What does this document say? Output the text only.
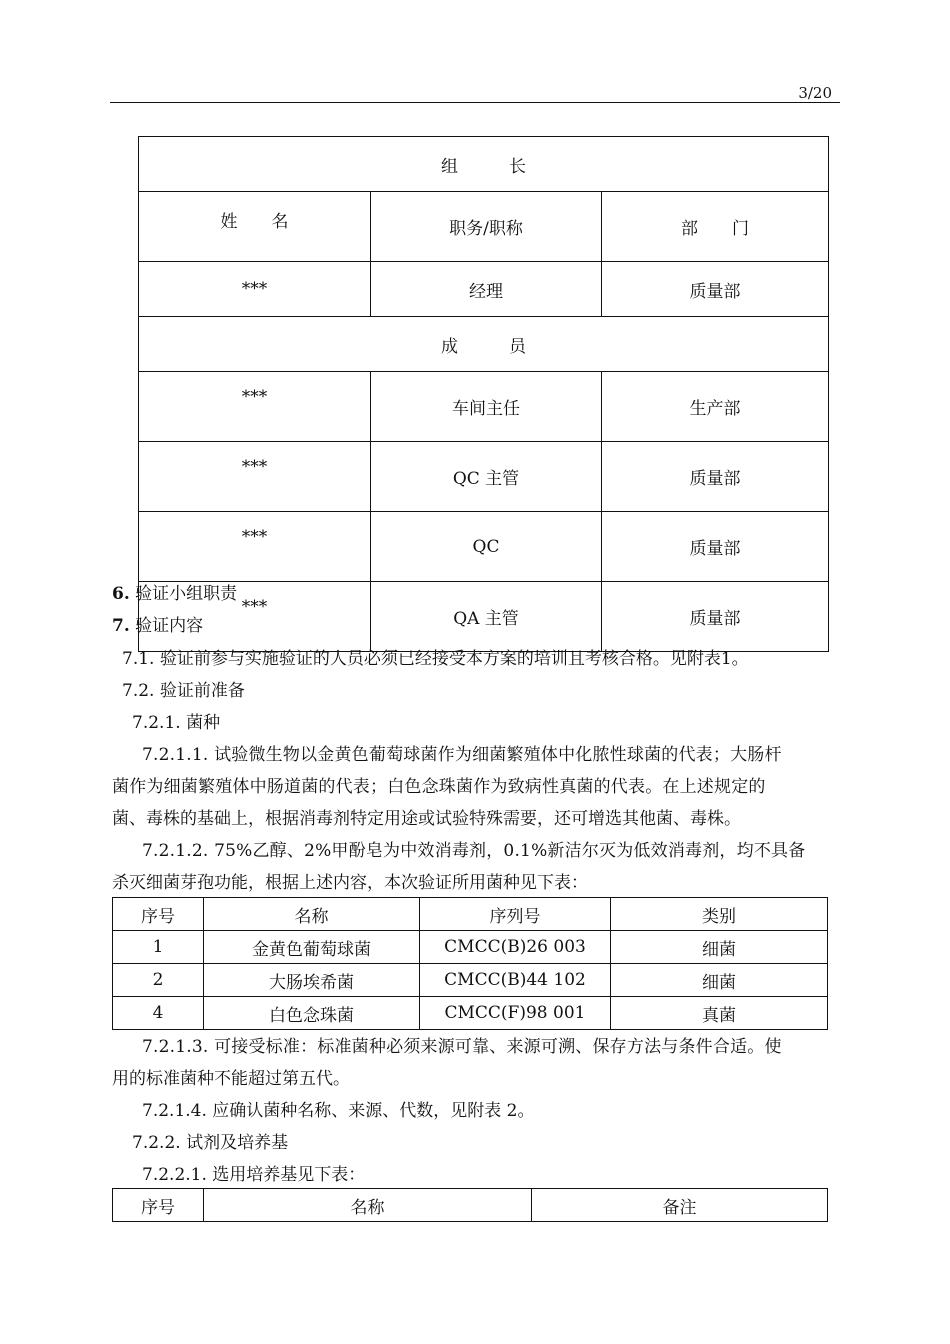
3/20
组　　　长		
姓　　名	职务/职称	部　　门
***	经理	质量部
成　　　员		
***	车间主任	生产部
***	QC 主管	质量部
***	QC	质量部
***	QA 主管	质量部
6. 验证小组职责
7. 验证内容
7.1. 验证前参与实施验证的人员必须已经接受本方案的培训且考核合格。见附表1。
7.2. 验证前准备
7.2.1. 菌种
7.2.1.1. 试验微生物以金黄色葡萄球菌作为细菌繁殖体中化脓性球菌的代表；大肠杆
菌作为细菌繁殖体中肠道菌的代表；白色念珠菌作为致病性真菌的代表。在上述规定的
菌、毒株的基础上，根据消毒剂特定用途或试验特殊需要，还可增选其他菌、毒株。
7.2.1.2. 75%乙醇、2%甲酚皂为中效消毒剂，0.1%新洁尔灭为低效消毒剂，均不具备
杀灭细菌芽孢功能，根据上述内容，本次验证所用菌种见下表：
序号	名称	序列号	类别
1	金黄色葡萄球菌	CMCC(B)26 003	细菌
2	大肠埃希菌	CMCC(B)44 102	细菌
4	白色念珠菌	CMCC(F)98 001	真菌
7.2.1.3. 可接受标准：标准菌种必须来源可靠、来源可溯、保存方法与条件合适。使
用的标准菌种不能超过第五代。
7.2.1.4. 应确认菌种名称、来源、代数，见附表 2。
7.2.2. 试剂及培养基
7.2.2.1. 选用培养基见下表：
序号	名称	备注
